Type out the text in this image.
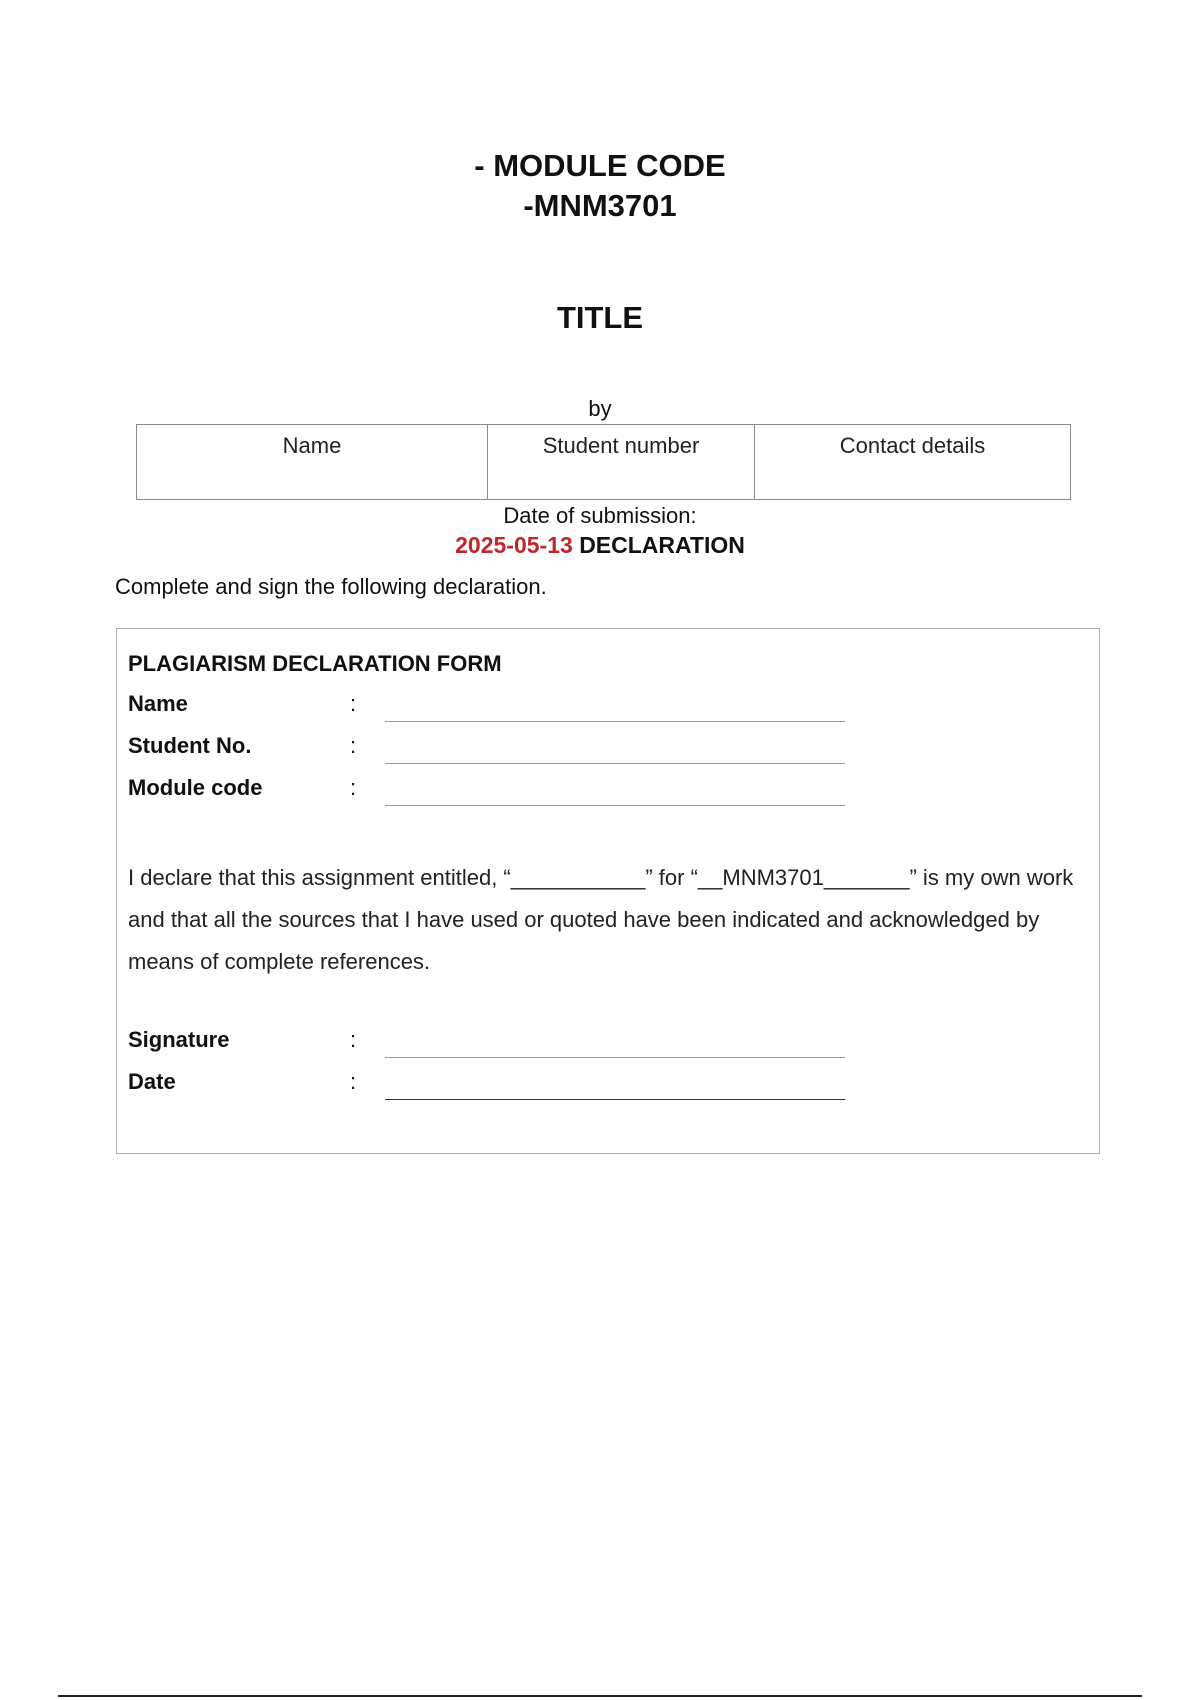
- MODULE CODE
-MNM3701
TITLE
by
Name	Student number	Contact details
Date of submission:
2025-05-13 DECLARATION
Complete and sign the following declaration.
PLAGIARISM DECLARATION FORM
Name	:
Student No.	:
Module code	:
I declare that this assignment entitled, “___________” for “__MNM3701_______” is my own work and that all the sources that I have used or quoted have been indicated and acknowledged by means of complete references.
Signature	:
Date	:
